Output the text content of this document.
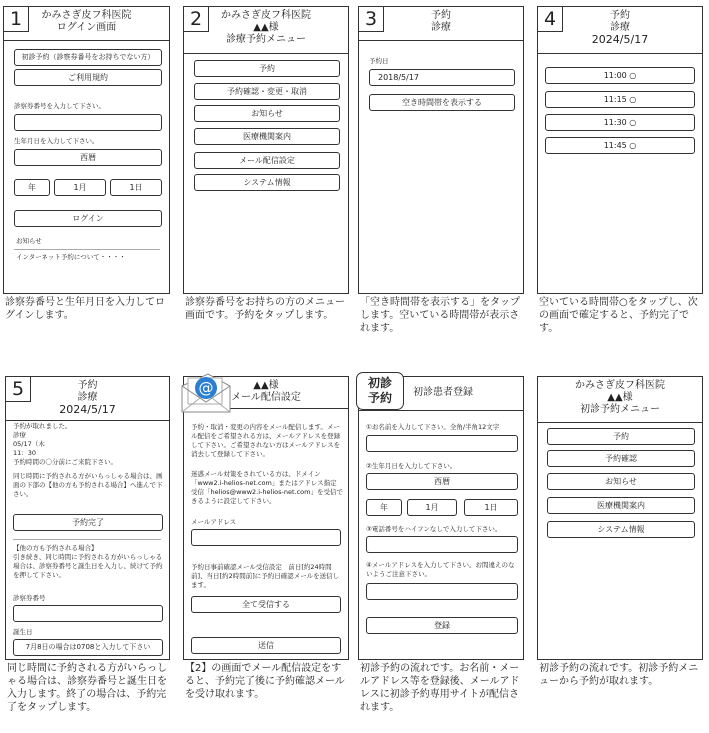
かみさぎ皮フ科医院
ログイン画面
1
初診予約（診察券番号をお持ちでない方）
ご利用規約
診察券番号を入力して下さい。
生年月日を入力して下さい。
西暦
年	1月	1日
ログイン
お知らせ
インターネット予約について・・・・
診察券番号と生年月日を入力してログインします。
かみさぎ皮フ科医院
▲▲様
診療予約メニュー
2
予約
予約確認・変更・取消
お知らせ
医療機関案内
メール配信設定
システム情報
診察券番号をお持ちの方のメニュー画面です。予約をタップします。
予約
診療
3
予約日
2018/5/17
空き時間帯を表示する
「空き時間帯を表示する」をタップします。空いている時間帯が表示されます。
予約
診療
2024/5/17
4
11:00 ○
11:15 ○
11:30 ○
11:45 ○
空いている時間帯○をタップし、次の画面で確定すると、予約完了です。
予約
診療
2024/5/17
5
予約が取れました。
診療
05/17（木
11：30
予約時間の〇分前にご来院下さい。
同じ時間に予約される方がいらっしゃる場合は、画面の下部の【他の方も予約される場合】へ進んで下さい。
予約完了
【他の方も予約される場合】
引き続き、同じ時間に予約される方がいらっしゃる場合は、診察券番号と誕生日を入力し、続けて予約を押して下さい。
診察券番号
誕生日
7月8日の場合は0708と入力して下さい
同じ時間に予約される方がいらっしゃる場合は、診察券番号と誕生日を入力します。終了の場合は、予約完了をタップします。
▲▲様
メール配信設定
予約・取消・変更の内容をメール配信します。メール配信をご希望される方は、メールアドレスを登録して下さい。ご希望されない方はメールアドレスを消去して登録して下さい。
迷惑メール対策をされている方は、ドメイン「www2.i-helios-net.com」またはアドレス指定受信「helios@www2.i-helios-net.com」を受信できるように設定して下さい。
メールアドレス
予約日事前確認メール受信設定　前日[約24時間前]、当日[約2時間前]に予約日確認メールを送信します。
全て受信する
送信
@
【2】の画面でメール配信設定をすると、予約完了後に予約確認メールを受け取れます。
初診患者登録
①お名前を入力して下さい。全角/半角12文字
②生年月日を入力して下さい。
西暦
年	1月	1日
③電話番号をハイフンなしで入力して下さい。
④メールアドレスを入力して下さい。お間違えのないようご注意下さい。
登録
初診
予約
初診予約の流れです。お名前・メールアドレス等を登録後、メールアドレスに初診予約専用サイトが配信されます。
かみさぎ皮フ科医院
▲▲様
初診予約メニュー
予約
予約確認
お知らせ
医療機関案内
システム情報
初診予約の流れです。初診予約メニューから予約が取れます。
